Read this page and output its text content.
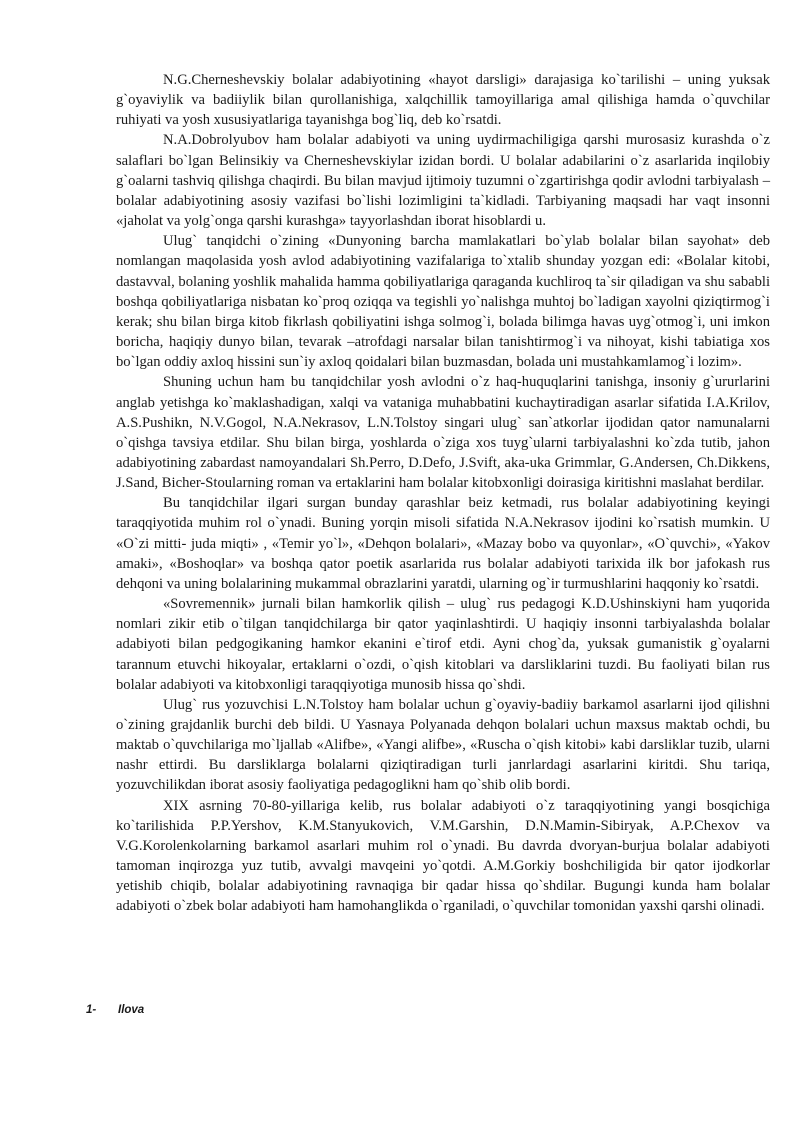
N.G.Cherneshevskiy bolalar adabiyotining «hayot darsligi» darajasiga ko`tarilishi – uning yuksak g`oyaviylik va badiiylik bilan qurollanishiga, xalqchillik tamoyillariga amal qilishiga hamda o`quvchilar ruhiyati va yosh xususiyatlariga tayanishga bog`liq, deb ko`rsatdi.

N.A.Dobrolyubov ham bolalar adabiyoti va uning uydirmachiligiga qarshi murosasiz kurashda o`z salaflari bo`lgan Belinsikiy va Cherneshevskiylar izidan bordi. U bolalar adabilarini o`z asarlarida inqilobiy g`oalarni tashviq qilishga chaqirdi. Bu bilan mavjud ijtimoiy tuzumni o`zgartirishga qodir avlodni tarbiyalash – bolalar adabiyotining asosiy vazifasi bo`lishi lozimligini ta`kidladi. Tarbiyaning maqsadi har vaqt insonni «jaholat va yolg`onga qarshi kurashga» tayyorlashdan iborat hisoblardi u.

Ulug` tanqidchi o`zining «Dunyoning barcha mamlakatlari bo`ylab bolalar bilan sayohat» deb nomlangan maqolasida yosh avlod adabiyotining vazifalariga to`xtalib shunday yozgan edi: «Bolalar kitobi, dastavval, bolaning yoshlik mahalida hamma qobiliyatlariga qaraganda kuchliroq ta`sir qiladigan va shu sababli boshqa qobiliyatlariga nisbatan ko`proq oziqqa va tegishli yo`nalishga muhtoj bo`ladigan xayolni qiziqtirmog`i kerak; shu bilan birga kitob fikrlash qobiliyatini ishga solmog`i, bolada bilimga havas uyg`otmog`i, uni imkon boricha, haqiqiy dunyo bilan, tevarak –atrofdagi narsalar bilan tanishtirmog`i va nihoyat, kishi tabiatiga xos bo`lgan oddiy axloq hissini sun`iy axloq qoidalari bilan buzmasdan, bolada uni mustahkamlamog`i lozim».

Shuning uchun ham bu tanqidchilar yosh avlodni o`z haq-huquqlarini tanishga, insoniy g`ururlarini anglab yetishga ko`maklashadigan, xalqi va vataniga muhabbatini kuchaytiradigan asarlar sifatida I.A.Krilov, A.S.Pushikn, N.V.Gogol, N.A.Nekrasov, L.N.Tolstoy singari ulug` san`atkorlar ijodidan qator namunalarni o`qishga tavsiya etdilar. Shu bilan birga, yoshlarda o`ziga xos tuyg`ularni tarbiyalashni ko`zda tutib, jahon adabiyotining zabardast namoyandalari Sh.Perro, D.Defo, J.Svift, aka-uka Grimmlar, G.Andersen, Ch.Dikkens, J.Sand, Bicher-Stoularning roman va ertaklarini ham bolalar kitobxonligi doirasiga kiritishni maslahat berdilar.

Bu tanqidchilar ilgari surgan bunday qarashlar beiz ketmadi, rus bolalar adabiyotining keyingi taraqqiyotida muhim rol o`ynadi. Buning yorqin misoli sifatida N.A.Nekrasov ijodini ko`rsatish mumkin. U «O`zi mitti- juda miqti» , «Temir yo`l», «Dehqon bolalari», «Mazay bobo va quyonlar», «O`quvchi», «Yakov amaki», «Boshoqlar» va boshqa qator poetik asarlarida rus bolalar adabiyoti tarixida ilk bor jafokash rus dehqoni va uning bolalarining mukammal obrazlarini yaratdi, ularning og`ir turmushlarini haqqoniy ko`rsatdi.

«Sovremennik» jurnali bilan hamkorlik qilish – ulug` rus pedagogi K.D.Ushinskiyni ham yuqorida nomlari zikir etib o`tilgan tanqidchilarga bir qator yaqinlashtirdi. U haqiqiy insonni tarbiyalashda bolalar adabiyoti bilan pedgogikaning hamkor ekanini e`tirof etdi. Ayni chog`da, yuksak gumanistik g`oyalarni tarannum etuvchi hikoyalar, ertaklarni o`ozdi, o`qish kitoblari va darsliklarini tuzdi. Bu faoliyati bilan rus bolalar adabiyoti va kitobxonligi taraqqiyotiga munosib hissa qo`shdi.

Ulug` rus yozuvchisi L.N.Tolstoy ham bolalar uchun g`oyaviy-badiiy barkamol asarlarni ijod qilishni o`zining grajdanlik burchi deb bildi. U Yasnaya Polyanada dehqon bolalari uchun maxsus maktab ochdi, bu maktab o`quvchilariga mo`ljallab «Alifbe», «Yangi alifbe», «Ruscha o`qish kitobi» kabi darsliklar tuzib, ularni nashr ettirdi. Bu darsliklarga bolalarni qiziqtiradigan turli janrlardagi asarlarini kiritdi. Shu tariqa, yozuvchilikdan iborat asosiy faoliyatiga pedagoglikni ham qo`shib olib bordi.

XIX asrning 70-80-yillariga kelib, rus bolalar adabiyoti o`z taraqqiyotining yangi bosqichiga ko`tarilishida P.P.Yershov, K.M.Stanyukovich, V.M.Garshin, D.N.Mamin-Sibiryak, A.P.Chexov va V.G.Korolenkolarning barkamol asarlari muhim rol o`ynadi. Bu davrda dvoryan-burjua bolalar adabiyoti tamoman inqirozga yuz tutib, avvalgi mavqeini yo`qotdi. A.M.Gorkiy boshchiligida bir qator ijodkorlar yetishib chiqib, bolalar adabiyotining ravnaqiga bir qadar hissa qo`shdilar. Bugungi kunda ham bolalar adabiyoti o`zbek bolar adabiyoti ham hamohanglikda o`rganiladi, o`quvchilar tomonidan yaxshi qarshi olinadi.

1- Ilova
